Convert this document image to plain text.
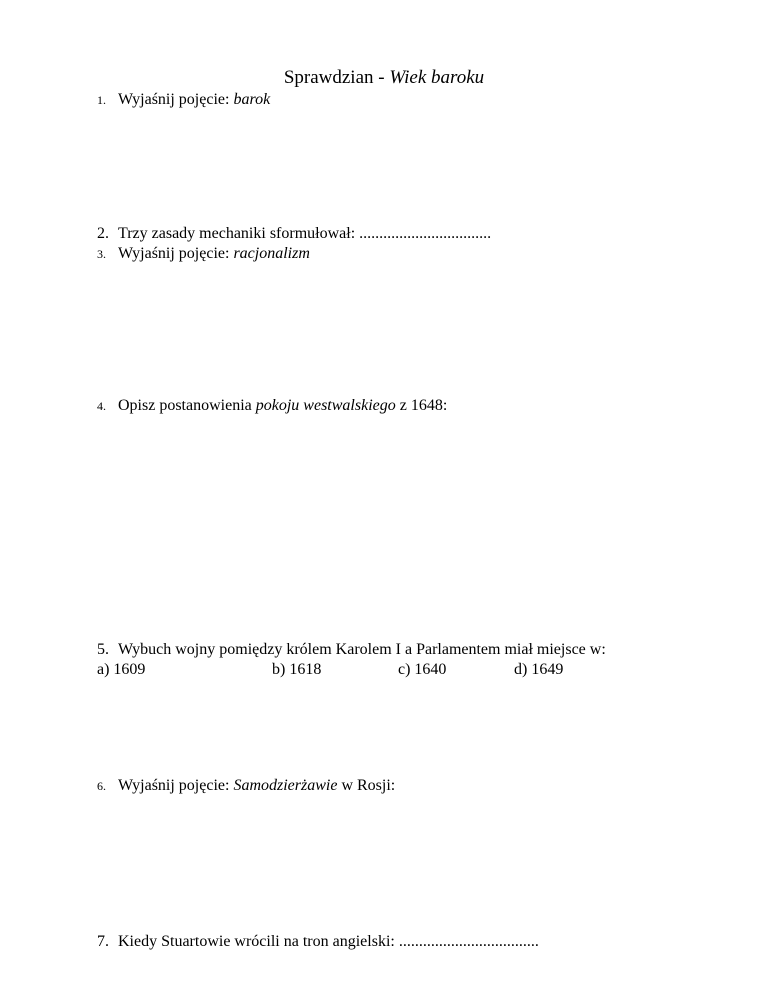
Sprawdzian - Wiek baroku
1. Wyjaśnij pojęcie: barok
2. Trzy zasady mechaniki sformułował: .................................
3. Wyjaśnij pojęcie: racjonalizm
4. Opisz postanowienia pokoju westwalskiego z 1648:
5. Wybuch wojny pomiędzy królem Karolem I a Parlamentem miał miejsce w:
a) 1609	b) 1618	c) 1640	d) 1649
6. Wyjaśnij pojęcie: Samodzierżawie w Rosji:
7. Kiedy Stuartowie wrócili na tron angielski: ...................................
